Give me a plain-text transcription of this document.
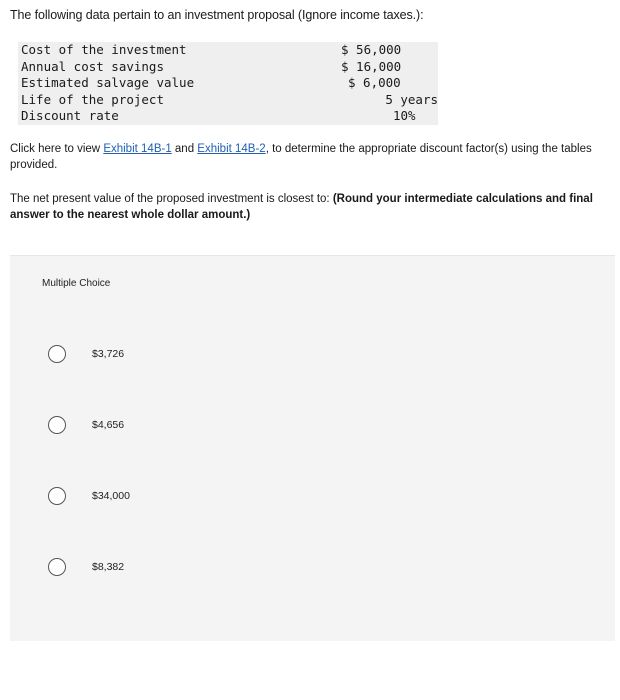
The following data pertain to an investment proposal (Ignore income taxes.):
Cost of the investment	$ 56,000
Annual cost savings	$ 16,000
Estimated salvage value	$ 6,000
Life of the project	5 years
Discount rate	10%
Click here to view Exhibit 14B-1 and Exhibit 14B-2, to determine the appropriate discount factor(s) using the tables provided.
The net present value of the proposed investment is closest to: (Round your intermediate calculations and final answer to the nearest whole dollar amount.)
Multiple Choice
$3,726
$4,656
$34,000
$8,382
